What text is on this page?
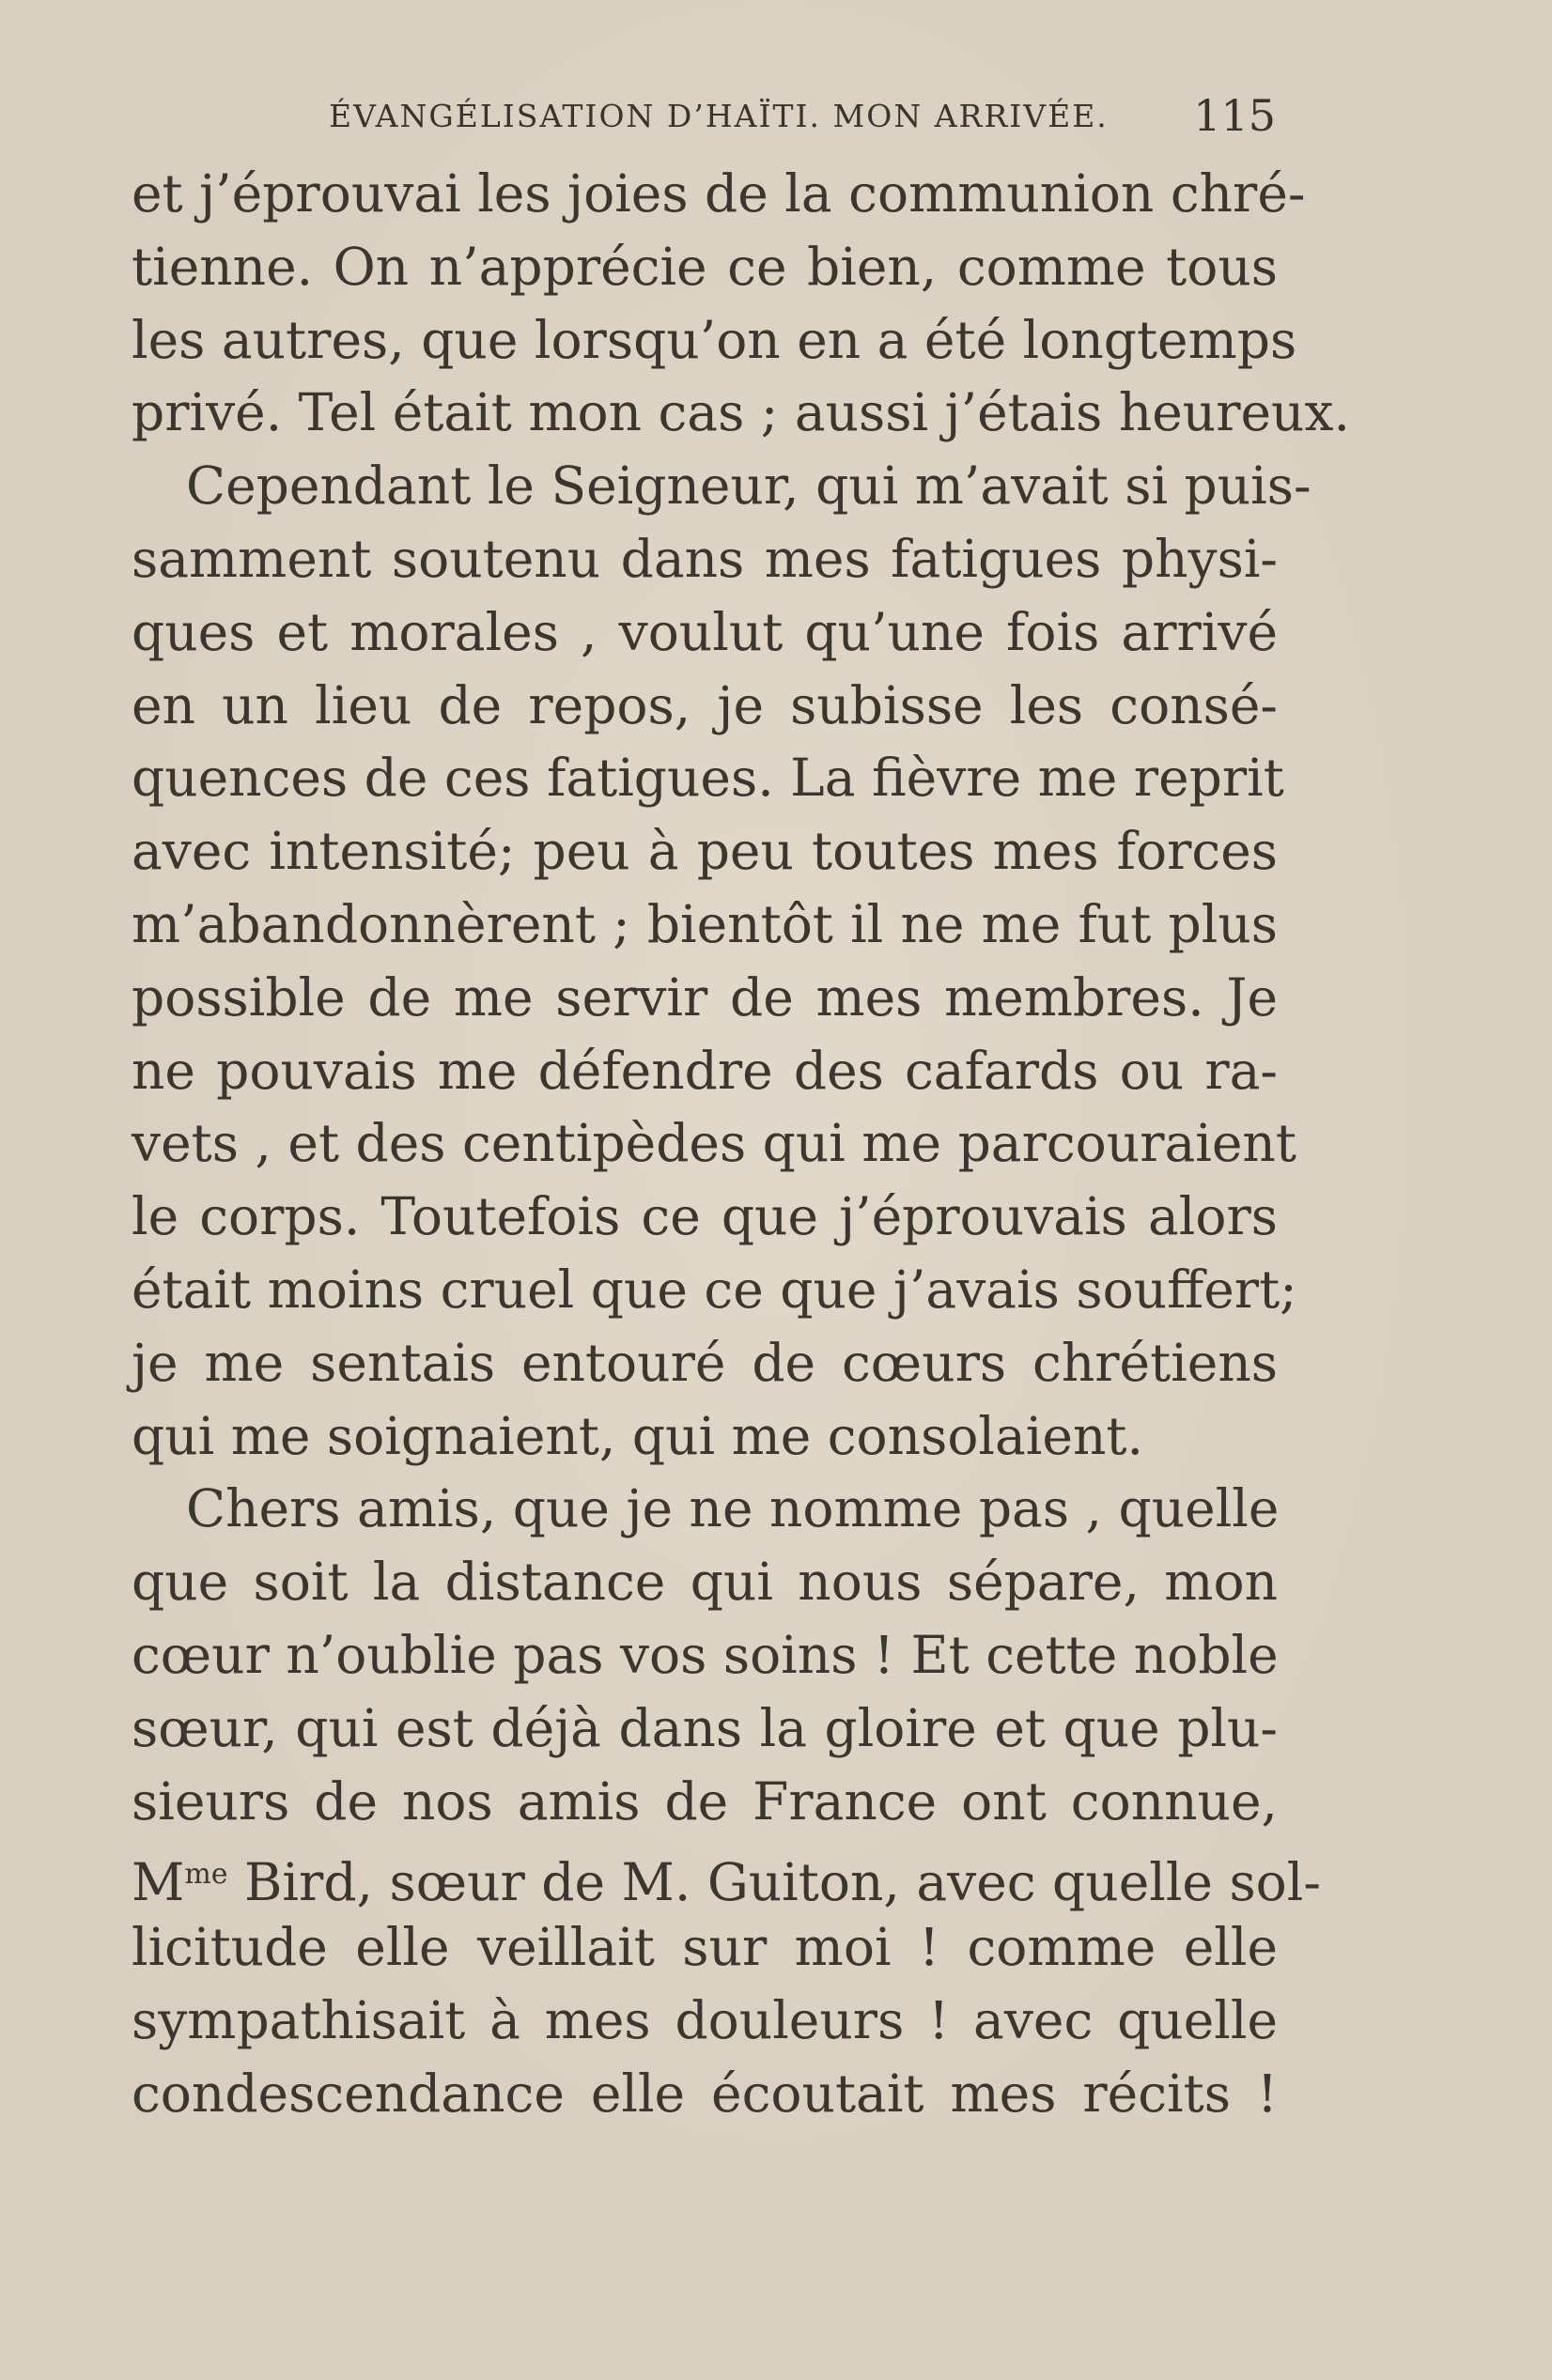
ÉVANGÉLISATION D’HAÏTI. MON ARRIVÉE. 115
et j’éprouvai les joies de la communion chré-
tienne. On n’apprécie ce bien, comme tous
les autres, que lorsqu’on en a été longtemps
privé. Tel était mon cas ; aussi j’étais heureux.
Cependant le Seigneur, qui m’avait si puis-
samment soutenu dans mes fatigues physi-
ques et morales , voulut qu’une fois arrivé
en un lieu de repos, je subisse les consé-
quences de ces fatigues. La fièvre me reprit
avec intensité; peu à peu toutes mes forces
m’abandonnèrent ; bientôt il ne me fut plus
possible de me servir de mes membres. Je
ne pouvais me défendre des cafards ou ra-
vets , et des centipèdes qui me parcouraient
le corps. Toutefois ce que j’éprouvais alors
était moins cruel que ce que j’avais souffert;
je me sentais entouré de cœurs chrétiens
qui me soignaient, qui me consolaient.
Chers amis, que je ne nomme pas , quelle
que soit la distance qui nous sépare, mon
cœur n’oublie pas vos soins ! Et cette noble
sœur, qui est déjà dans la gloire et que plu-
sieurs de nos amis de France ont connue,
$M^{me}$ Bird, sœur de M. Guiton, avec quelle sol-
licitude elle veillait sur moi ! comme elle
sympathisait à mes douleurs ! avec quelle
condescendance elle écoutait mes récits !
